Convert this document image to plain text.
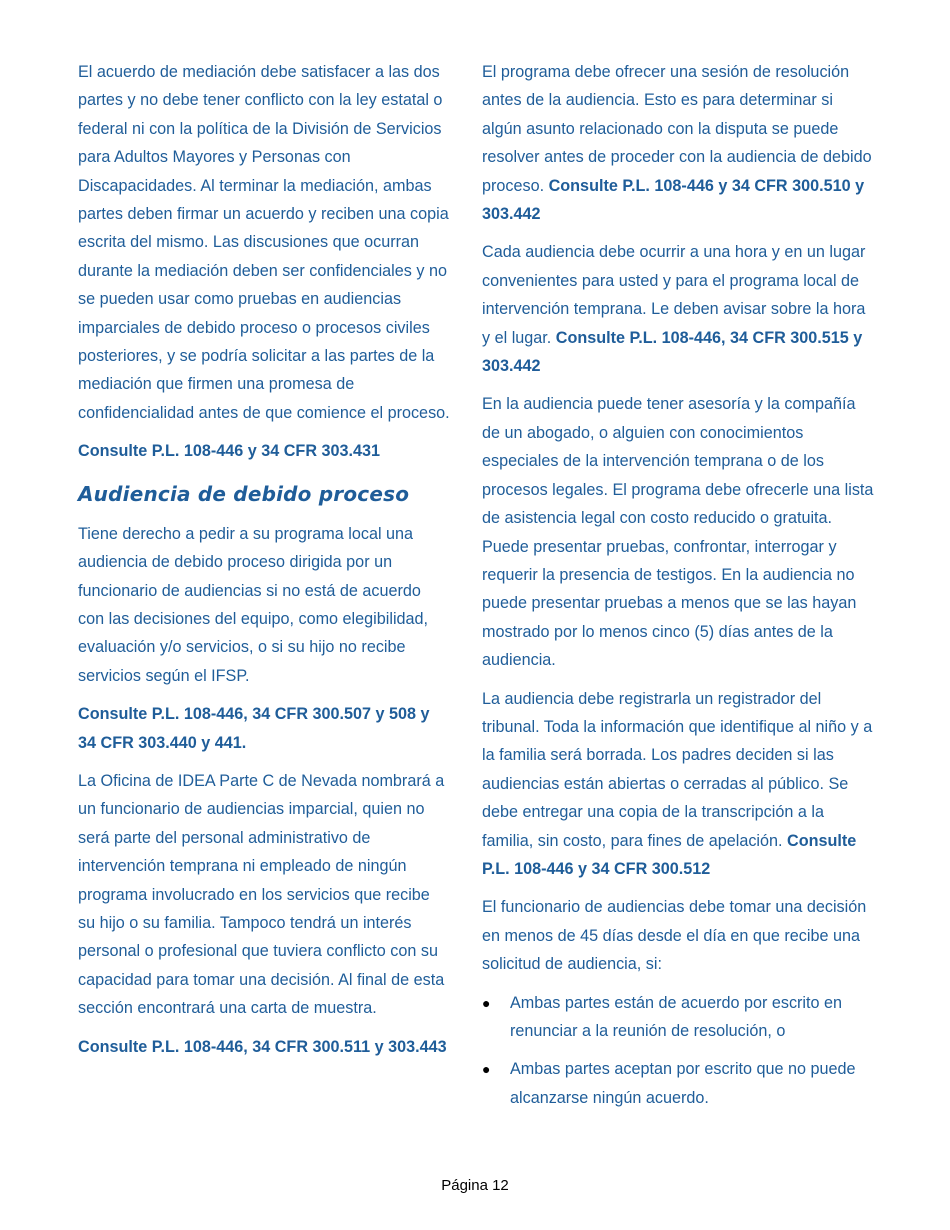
El acuerdo de mediación debe satisfacer a las dos partes y no debe tener conflicto con la ley estatal o federal ni con la política de la División de Servicios para Adultos Mayores y Personas con Discapacidades. Al terminar la mediación, ambas partes deben firmar un acuerdo y reciben una copia escrita del mismo. Las discusiones que ocurran durante la mediación deben ser confidenciales y no se pueden usar como pruebas en audiencias imparciales de debido proceso o procesos civiles posteriores, y se podría solicitar a las partes de la mediación que firmen una promesa de confidencialidad antes de que comience el proceso.

Consulte P.L. 108-446 y 34 CFR 303.431

Audiencia de debido proceso

Tiene derecho a pedir a su programa local una audiencia de debido proceso dirigida por un funcionario de audiencias si no está de acuerdo con las decisiones del equipo, como elegibilidad, evaluación y/o servicios, o si su hijo no recibe servicios según el IFSP.

Consulte P.L. 108-446, 34 CFR 300.507 y 508 y 34 CFR 303.440 y 441.

La Oficina de IDEA Parte C de Nevada nombrará a un funcionario de audiencias imparcial, quien no será parte del personal administrativo de intervención temprana ni empleado de ningún programa involucrado en los servicios que recibe su hijo o su familia. Tampoco tendrá un interés personal o profesional que tuviera conflicto con su capacidad para tomar una decisión. Al final de esta sección encontrará una carta de muestra.

Consulte P.L. 108-446, 34 CFR 300.511 y 303.443

El programa debe ofrecer una sesión de resolución antes de la audiencia. Esto es para determinar si algún asunto relacionado con la disputa se puede resolver antes de proceder con la audiencia de debido proceso. Consulte P.L. 108-446 y 34 CFR 300.510 y 303.442

Cada audiencia debe ocurrir a una hora y en un lugar convenientes para usted y para el programa local de intervención temprana. Le deben avisar sobre la hora y el lugar. Consulte P.L. 108-446, 34 CFR 300.515 y 303.442

En la audiencia puede tener asesoría y la compañía de un abogado, o alguien con conocimientos especiales de la intervención temprana o de los procesos legales. El programa debe ofrecerle una lista de asistencia legal con costo reducido o gratuita. Puede presentar pruebas, confrontar, interrogar y requerir la presencia de testigos. En la audiencia no puede presentar pruebas a menos que se las hayan mostrado por lo menos cinco (5) días antes de la audiencia.

La audiencia debe registrarla un registrador del tribunal. Toda la información que identifique al niño y a la familia será borrada. Los padres deciden si las audiencias están abiertas o cerradas al público. Se debe entregar una copia de la transcripción a la familia, sin costo, para fines de apelación. Consulte P.L. 108-446 y 34 CFR 300.512

El funcionario de audiencias debe tomar una decisión en menos de 45 días desde el día en que recibe una solicitud de audiencia, si:

● Ambas partes están de acuerdo por escrito en renunciar a la reunión de resolución, o
● Ambas partes aceptan por escrito que no puede alcanzarse ningún acuerdo.
Página 12
